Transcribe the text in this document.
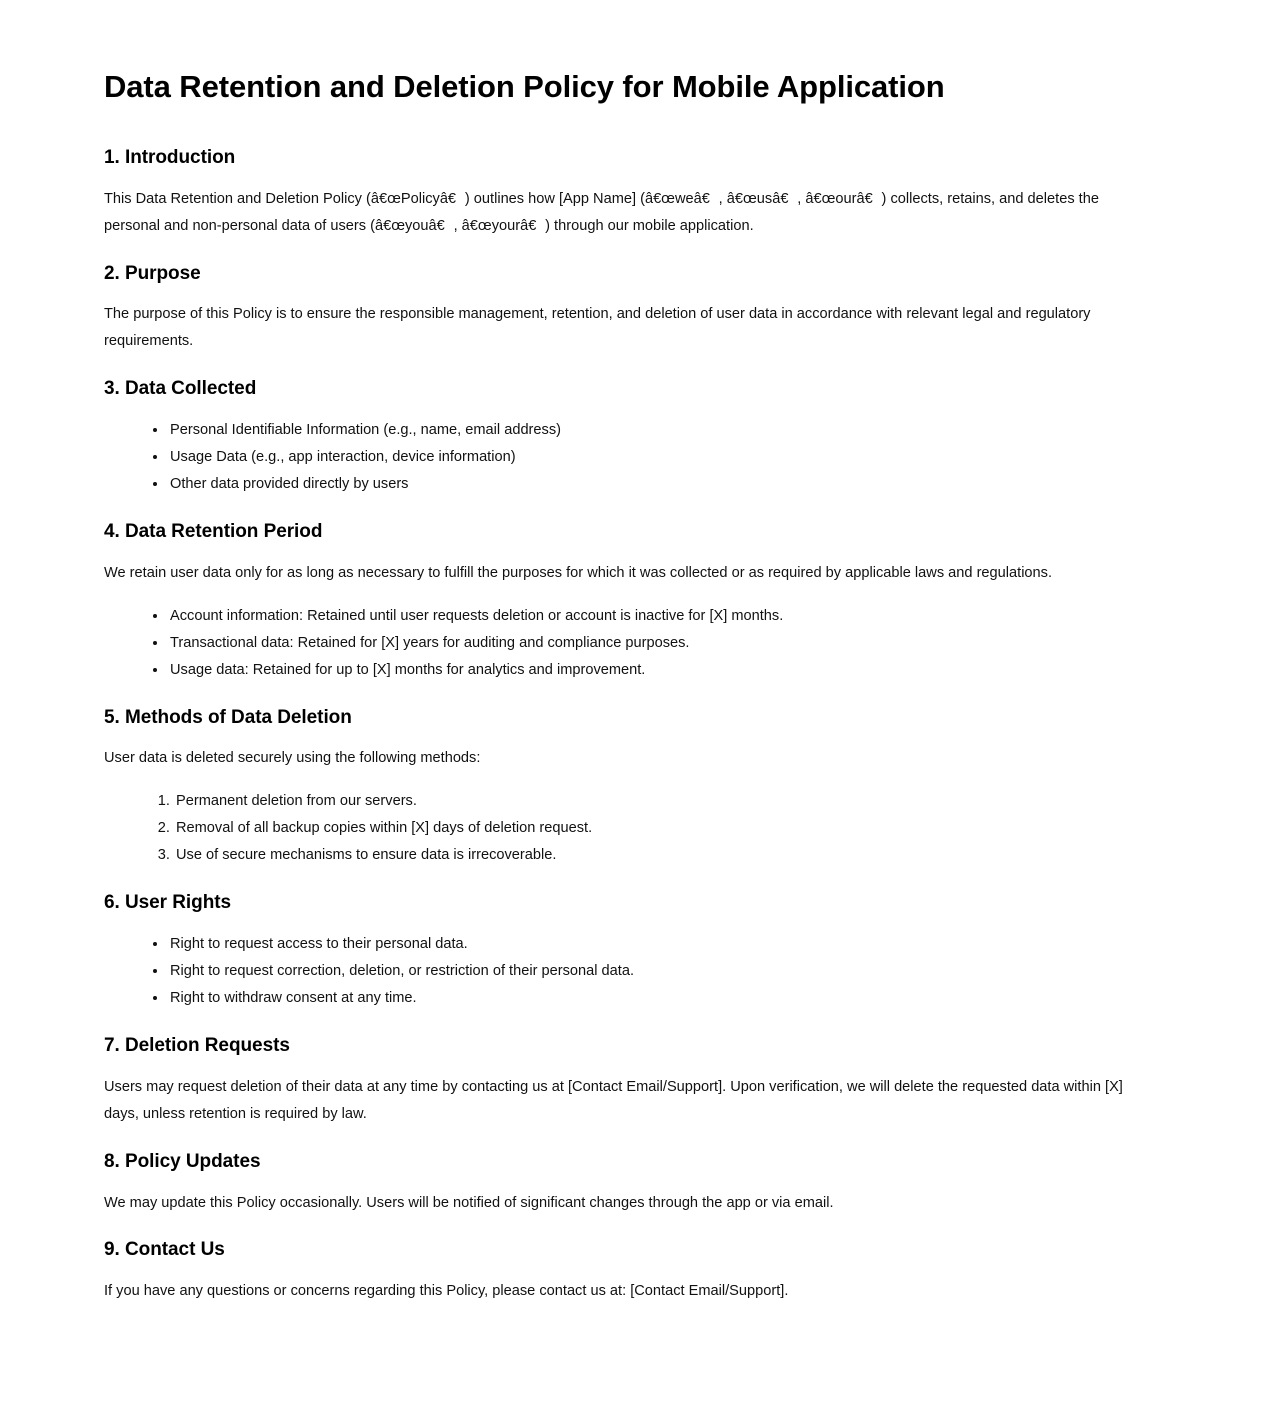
Data Retention and Deletion Policy for Mobile Application
1. Introduction

This Data Retention and Deletion Policy (â€œPolicyâ€) outlines how [App Name] (â€œweâ€, â€œusâ€, â€œourâ€) collects, retains, and deletes the personal and non-personal data of users (â€œyouâ€, â€œyourâ€) through our mobile application.

2. Purpose

The purpose of this Policy is to ensure the responsible management, retention, and deletion of user data in accordance with relevant legal and regulatory requirements.

3. Data Collected
• Personal Identifiable Information (e.g., name, email address)
• Usage Data (e.g., app interaction, device information)
• Other data provided directly by users
4. Data Retention Period

We retain user data only for as long as necessary to fulfill the purposes for which it was collected or as required by applicable laws and regulations.

• Account information: Retained until user requests deletion or account is inactive for [X] months.
• Transactional data: Retained for [X] years for auditing and compliance purposes.
• Usage data: Retained for up to [X] months for analytics and improvement.
5. Methods of Data Deletion

User data is deleted securely using the following methods:

1. Permanent deletion from our servers.
2. Removal of all backup copies within [X] days of deletion request.
3. Use of secure mechanisms to ensure data is irrecoverable.
6. User Rights
• Right to request access to their personal data.
• Right to request correction, deletion, or restriction of their personal data.
• Right to withdraw consent at any time.
7. Deletion Requests

Users may request deletion of their data at any time by contacting us at [Contact Email/Support]. Upon verification, we will delete the requested data within [X] days, unless retention is required by law.

8. Policy Updates

We may update this Policy occasionally. Users will be notified of significant changes through the app or via email.

9. Contact Us

If you have any questions or concerns regarding this Policy, please contact us at: [Contact Email/Support].
